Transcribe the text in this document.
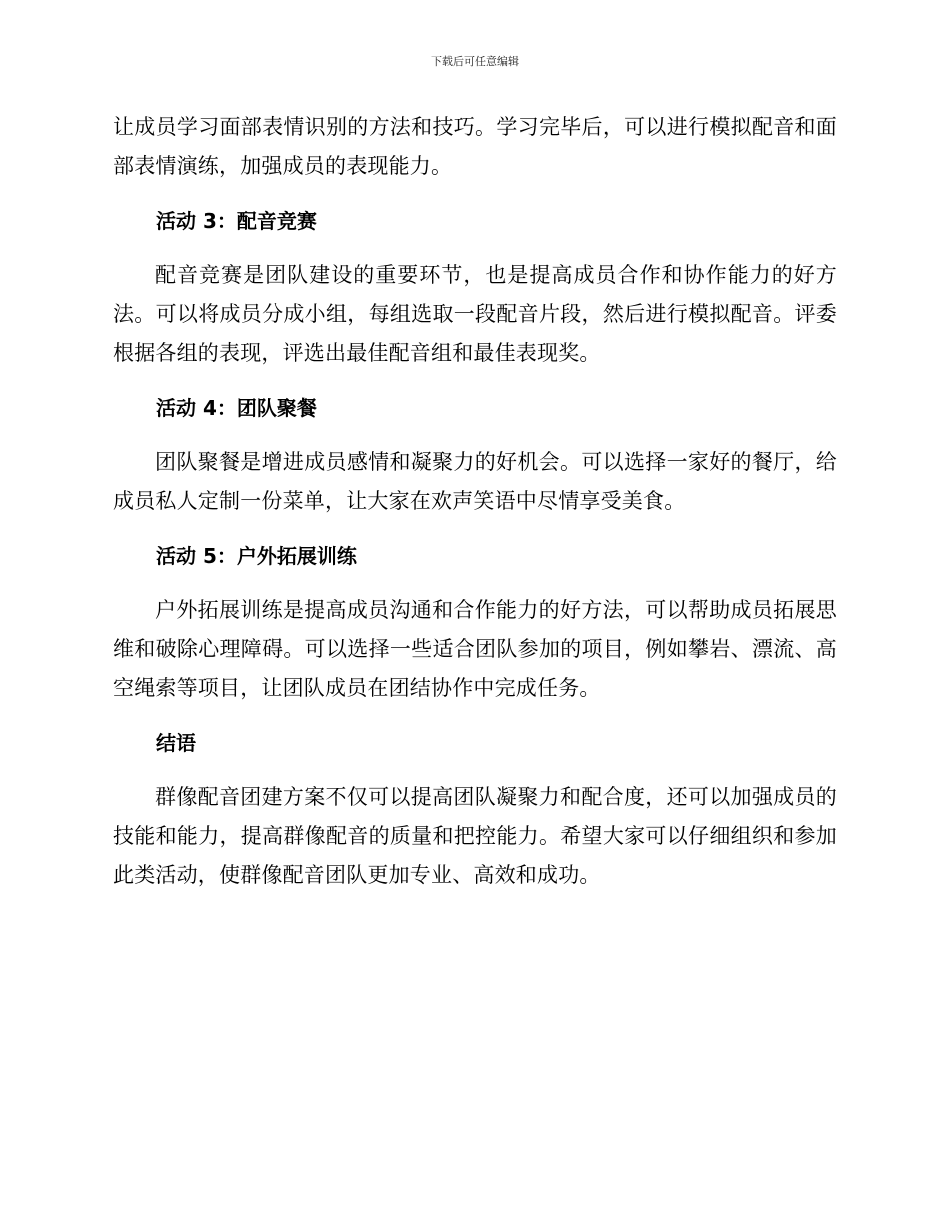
下载后可任意编辑

让成员学习面部表情识别的方法和技巧。学习完毕后，可以进行模拟配音和面部表情演练，加强成员的表现能力。

活动 3：配音竞赛

配音竞赛是团队建设的重要环节，也是提高成员合作和协作能力的好方法。可以将成员分成小组，每组选取一段配音片段，然后进行模拟配音。评委根据各组的表现，评选出最佳配音组和最佳表现奖。

活动 4：团队聚餐

团队聚餐是增进成员感情和凝聚力的好机会。可以选择一家好的餐厅，给成员私人定制一份菜单，让大家在欢声笑语中尽情享受美食。

活动 5：户外拓展训练

户外拓展训练是提高成员沟通和合作能力的好方法，可以帮助成员拓展思维和破除心理障碍。可以选择一些适合团队参加的项目，例如攀岩、漂流、高空绳索等项目，让团队成员在团结协作中完成任务。

结语

群像配音团建方案不仅可以提高团队凝聚力和配合度，还可以加强成员的技能和能力，提高群像配音的质量和把控能力。希望大家可以仔细组织和参加此类活动，使群像配音团队更加专业、高效和成功。
